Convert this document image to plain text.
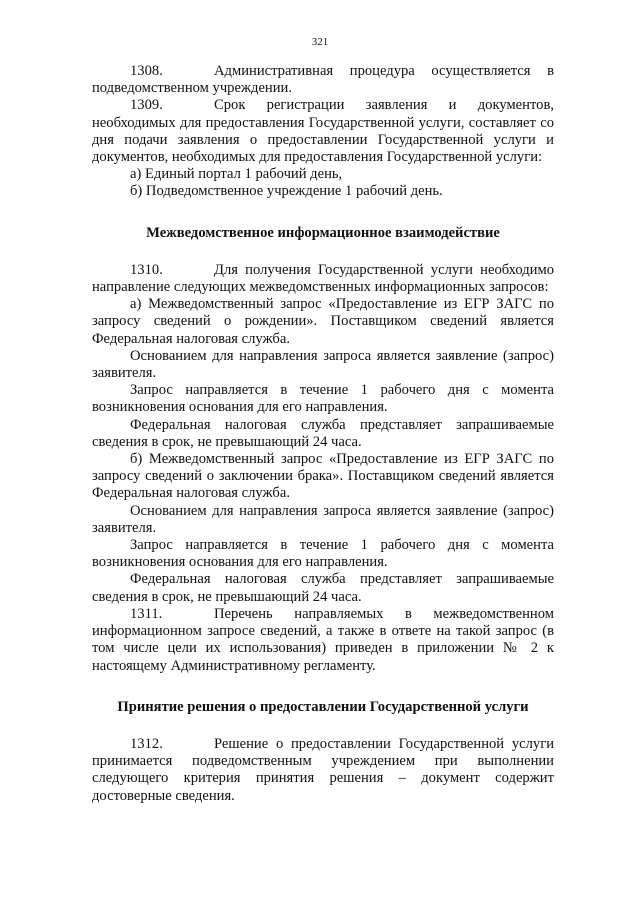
321

1308.	Административная процедура осуществляется в подведомственном учреждении.

1309.	Срок регистрации заявления и документов, необходимых для предоставления Государственной услуги, составляет со дня подачи заявления о предоставлении Государственной услуги и документов, необходимых для предоставления Государственной услуги:

а) Единый портал 1 рабочий день,

б) Подведомственное учреждение 1 рабочий день.

Межведомственное информационное взаимодействие

1310.	Для получения Государственной услуги необходимо направление следующих межведомственных информационных запросов:

а) Межведомственный запрос «Предоставление из ЕГР ЗАГС по запросу сведений о рождении». Поставщиком сведений является Федеральная налоговая служба.

Основанием для направления запроса является заявление (запрос) заявителя.

Запрос направляется в течение 1 рабочего дня с момента возникновения основания для его направления.

Федеральная налоговая служба представляет запрашиваемые сведения в срок, не превышающий 24 часа.

б) Межведомственный запрос «Предоставление из ЕГР ЗАГС по запросу сведений о заключении брака». Поставщиком сведений является Федеральная налоговая служба.

Основанием для направления запроса является заявление (запрос) заявителя.

Запрос направляется в течение 1 рабочего дня с момента возникновения основания для его направления.

Федеральная налоговая служба представляет запрашиваемые сведения в срок, не превышающий 24 часа.

1311.	Перечень направляемых в межведомственном информационном запросе сведений, а также в ответе на такой запрос (в том числе цели их использования) приведен в приложении № 2 к настоящему Административному регламенту.

Принятие решения о предоставлении Государственной услуги

1312.	Решение о предоставлении Государственной услуги принимается подведомственным учреждением при выполнении следующего критерия принятия решения – документ содержит достоверные сведения.
